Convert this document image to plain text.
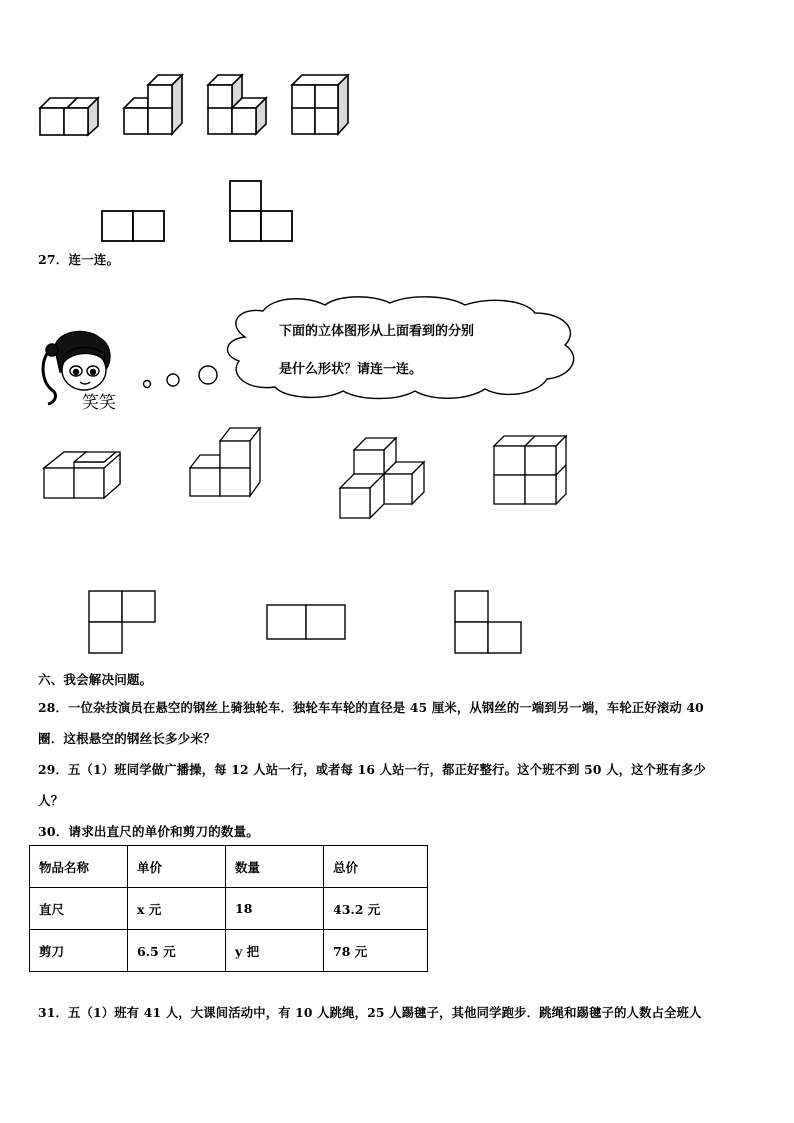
27．连一连。
笑笑
下面的立体图形从上面看到的分别
是什么形状？请连一连。
六、我会解决问题。
28．一位杂技演员在悬空的钢丝上骑独轮车．独轮车车轮的直径是 45 厘米，从钢丝的一端到另一端，车轮正好滚动 40
圈．这根悬空的钢丝长多少米？
29．五（1）班同学做广播操，每 12 人站一行，或者每 16 人站一行，都正好整行。这个班不到 50 人，这个班有多少
人？
30．请求出直尺的单价和剪刀的数量。
物品名称	单价	数量	总价
直尺	x 元	18	43.2 元
剪刀	6.5 元	y 把	78 元
31．五（1）班有 41 人，大课间活动中，有 10 人跳绳，25 人踢毽子，其他同学跑步．跳绳和踢毽子的人数占全班人
